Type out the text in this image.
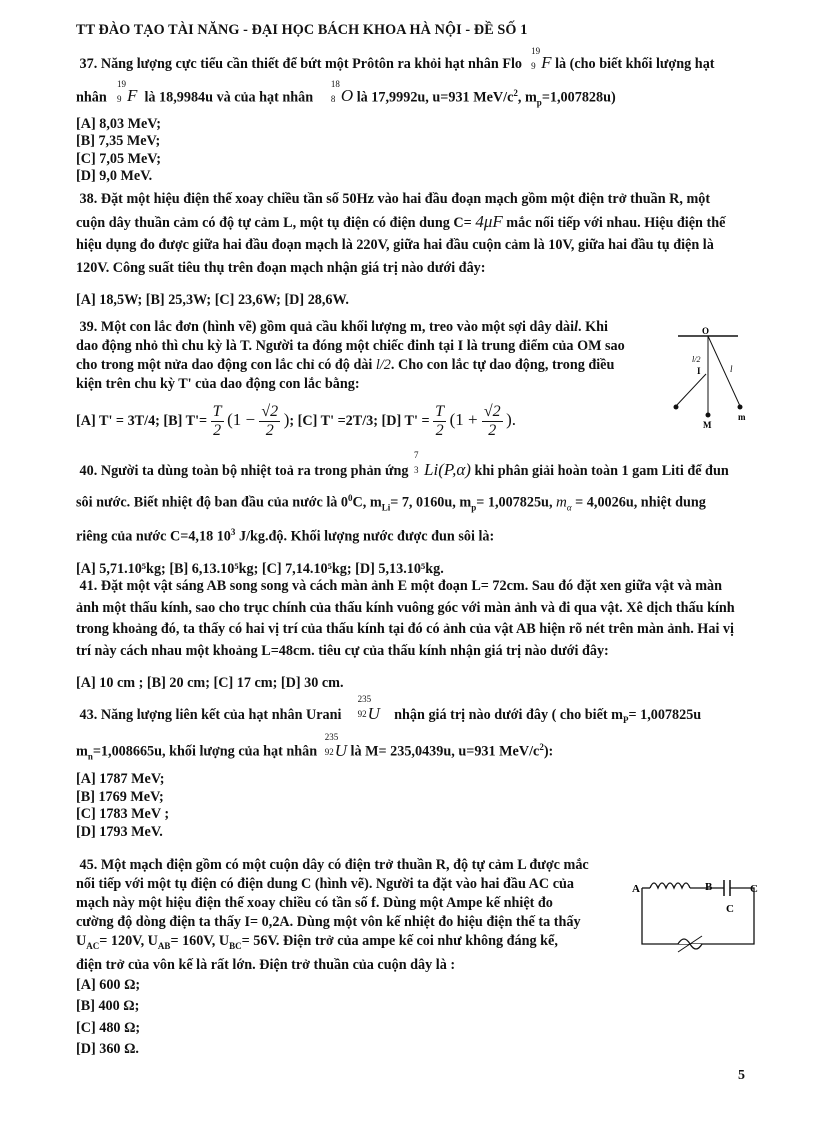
TT ĐÀO TẠO TÀI NĂNG - ĐẠI HỌC BÁCH KHOA HÀ NỘI - ĐỀ SỐ 1

37. Năng lượng cực tiểu cần thiết để bứt một Prôtôn ra khỏi hạt nhân Flo
19
9 F là (cho biết khối lượng hạt

nhân
19
9 F là 18,9984u và của hạt nhân
18
8 O là 17,9992u, u=931 MeV/$c^2$, $m_p=1,007828u$)

[A] 8,03 MeV;

[B] 7,35 MeV;

[C] 7,05 MeV;

[D] 9,0 MeV.

38. Đặt một hiệu điện thế xoay chiều tần số 50Hz vào hai đầu đoạn mạch gồm một điện trở thuần R, một

cuộn dây thuần cảm có độ tự cảm L, một tụ điện có điện dung C= 4μF mắc nối tiếp với nhau. Hiệu điện thế

hiệu dụng đo được giữa hai đầu đoạn mạch là 220V, giữa hai đầu cuộn cảm là 10V, giữa hai đầu tụ điện là

120V. Công suất tiêu thụ trên đoạn mạch nhận giá trị nào dưới đây:

[A] 18,5W; [B] 25,3W; [C] 23,6W; [D] 28,6W.

39. Một con lắc đơn (hình vẽ) gồm quả cầu khối lượng m, treo vào một sợi dây dàil. Khi

dao động nhỏ thì chu kỳ là T. Người ta đóng một chiếc đinh tại I là trung điểm của OM sao

cho trong một nửa dao động con lắc chỉ có độ dài l/2. Cho con lắc tự dao động, trong điều

kiện trên chu kỳ T' của dao động con lắc bằng:

[A] T' = 3T/4; [B] $T'= \frac{T}{2} (1 - \frac{√2}{2}$ ); [C] T' =2T/3; [D] $T' = \frac{T}{2} (1 + \frac{√2}{2}$ ).

O
I
l/2
l
M
m

40. Người ta dùng toàn bộ nhiệt toả ra trong phản ứng
7
3 Li(P,α) khi phân giải hoàn toàn 1 gam Liti để đun

sôi nước. Biết nhiệt độ ban đầu của nước là $0^0C$, $m_{Li}= 7$, 0160u, $m_p= 1,007825u$, $m_\alpha = 4,0026u$, nhiệt dung

riêng của nước C=4,18 $10^3$ J/kg.độ. Khối lượng nước được đun sôi là:

[A] 5,71.10⁵kg; [B] 6,13.10⁵kg; [C] 7,14.10⁵kg; [D] 5,13.10⁵kg.

41. Đặt một vật sáng AB song song và cách màn ảnh E một đoạn L= 72cm. Sau đó đặt xen giữa vật và màn

ảnh một thấu kính, sao cho trục chính của thấu kính vuông góc với màn ảnh và đi qua vật. Xê dịch thấu kính

trong khoảng đó, ta thấy có hai vị trí của thấu kính tại đó có ảnh của vật AB hiện rõ nét trên màn ảnh. Hai vị

trí này cách nhau một khoảng L=48cm. tiêu cự của thấu kính nhận giá trị nào dưới đây:

[A] 10 cm ; [B] 20 cm; [C] 17 cm; [D] 30 cm.

43. Năng lượng liên kết của hạt nhân Urani
235
92 U nhận giá trị nào dưới đây ( cho biết $m_P= 1,007825u$

$m_n=1,008665u$, khối lượng của hạt nhân
235
92 U là M= 235,0439u, u=931 MeV/$c^2$):

[A] 1787 MeV;

[B] 1769 MeV;

[C] 1783 MeV ;

[D] 1793 MeV.

45. Một mạch điện gồm có một cuộn dây có điện trở thuần R, độ tự cảm L được mắc

nối tiếp với một tụ điện có điện dung C (hình vẽ). Người ta đặt vào hai đầu AC của

mạch này một hiệu điện thế xoay chiều có tần số f. Dùng một Ampe kế nhiệt đo

cường độ dòng điện ta thấy I= 0,2A. Dùng một vôn kế nhiệt đo hiệu điện thế ta thấy

$U_{AC}= 120V$, $U_{AB}= 160V$, $U_{BC}= 56V$. Điện trở của ampe kế coi như không đáng kể,

điện trở của vôn kế là rất lớn. Điện trở thuần của cuộn dây là :

[A] 600 Ω;

[B] 400 Ω;

[C] 480 Ω;

[D] 360 Ω.

A	B	C
C
5
